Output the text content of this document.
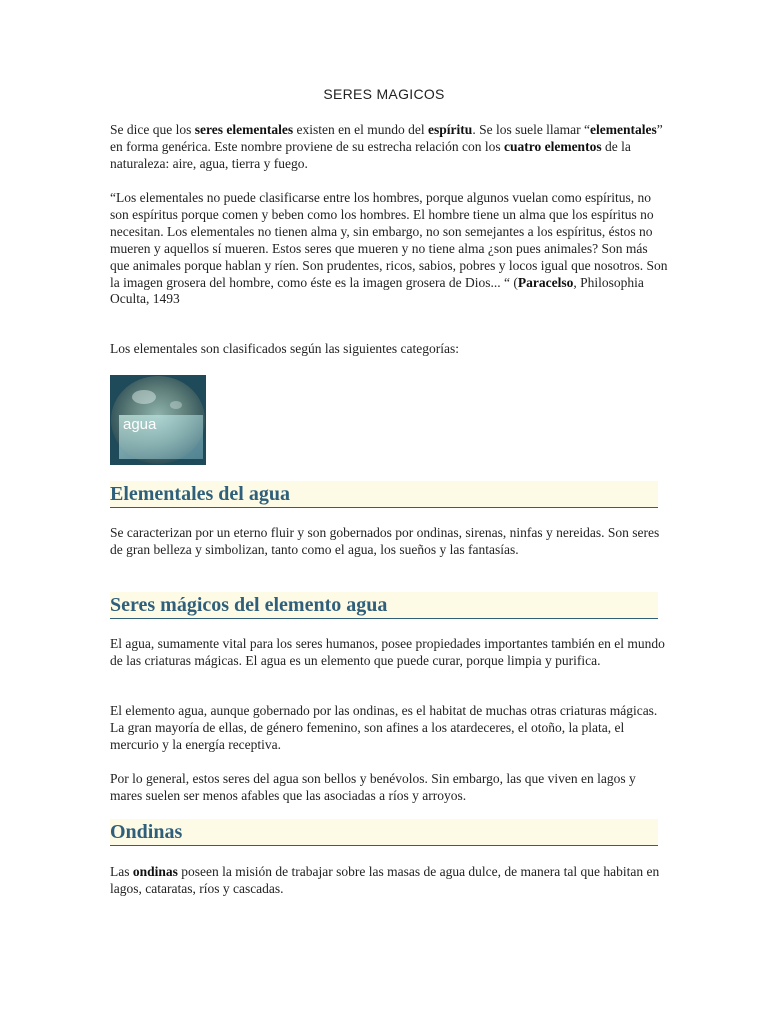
SERES MAGICOS

Se dice que los seres elementales existen en el mundo del espíritu. Se los suele llamar “elementales” en forma genérica. Este nombre proviene de su estrecha relación con los cuatro elementos de la naturaleza: aire, agua, tierra y fuego.

“Los elementales no puede clasificarse entre los hombres, porque algunos vuelan como espíritus, no son espíritus porque comen y beben como los hombres. El hombre tiene un alma que los espíritus no necesitan. Los elementales no tienen alma y, sin embargo, no son semejantes a los espíritus, éstos no mueren y aquellos sí mueren. Estos seres que mueren y no tiene alma ¿son pues animales? Son más que animales porque hablan y ríen. Son prudentes, ricos, sabios, pobres y locos igual que nosotros. Son la imagen grosera del hombre, como éste es la imagen grosera de Dios... “ (Paracelso, Philosophia Oculta, 1493

Los elementales son clasificados según las siguientes categorías:

agua
Elementales del agua

Se caracterizan por un eterno fluir y son gobernados por ondinas, sirenas, ninfas y nereidas. Son seres de gran belleza y simbolizan, tanto como el agua, los sueños y las fantasías.

Seres mágicos del elemento agua

El agua, sumamente vital para los seres humanos, posee propiedades importantes también en el mundo de las criaturas mágicas. El agua es un elemento que puede curar, porque limpia y purifica.

El elemento agua, aunque gobernado por las ondinas, es el habitat de muchas otras criaturas mágicas. La gran mayoría de ellas, de género femenino, son afines a los atardeceres, el otoño, la plata, el mercurio y la energía receptiva.

Por lo general, estos seres del agua son bellos y benévolos. Sin embargo, las que viven en lagos y mares suelen ser menos afables que las asociadas a ríos y arroyos.

Ondinas

Las ondinas poseen la misión de trabajar sobre las masas de agua dulce, de manera tal que habitan en lagos, cataratas, ríos y cascadas.
